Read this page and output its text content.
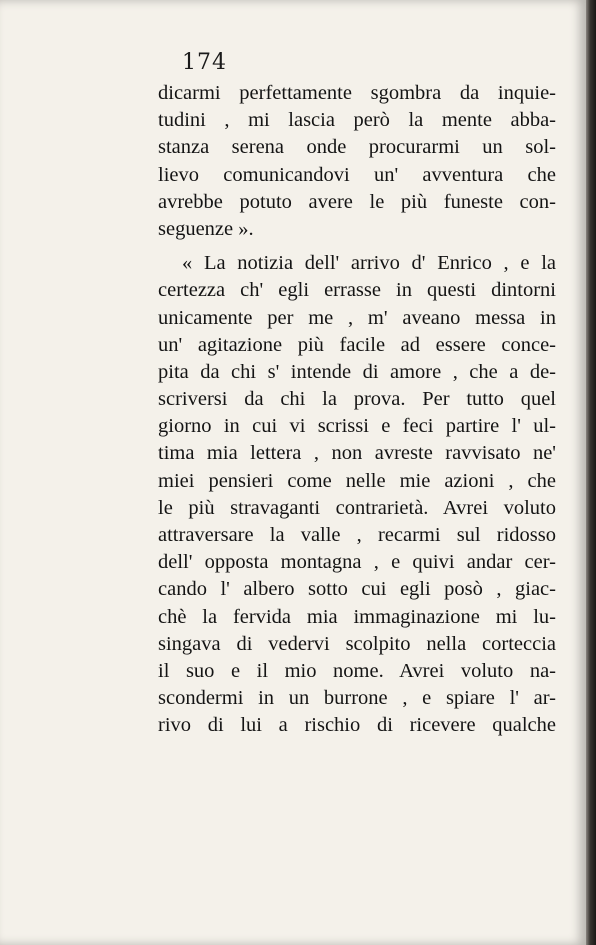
174
dicarmi perfettamente sgombra da inquie-
tudini , mi lascia però la mente abba-
stanza serena onde procurarmi un sol-
lievo comunicandovi un' avventura che
avrebbe potuto avere le più funeste con-
seguenze ».
« La notizia dell' arrivo d' Enrico , e la
certezza ch' egli errasse in questi dintorni
unicamente per me , m' aveano messa in
un' agitazione più facile ad essere conce-
pita da chi s' intende di amore , che a de-
scriversi da chi la prova. Per tutto quel
giorno in cui vi scrissi e feci partire l' ul-
tima mia lettera , non avreste ravvisato ne'
miei pensieri come nelle mie azioni , che
le più stravaganti contrarietà. Avrei voluto
attraversare la valle , recarmi sul ridosso
dell' opposta montagna , e quivi andar cer-
cando l' albero sotto cui egli posò , giac-
chè la fervida mia immaginazione mi lu-
singava di vedervi scolpito nella corteccia
il suo e il mio nome. Avrei voluto na-
scondermi in un burrone , e spiare l' ar-
rivo di lui a rischio di ricevere qualche
